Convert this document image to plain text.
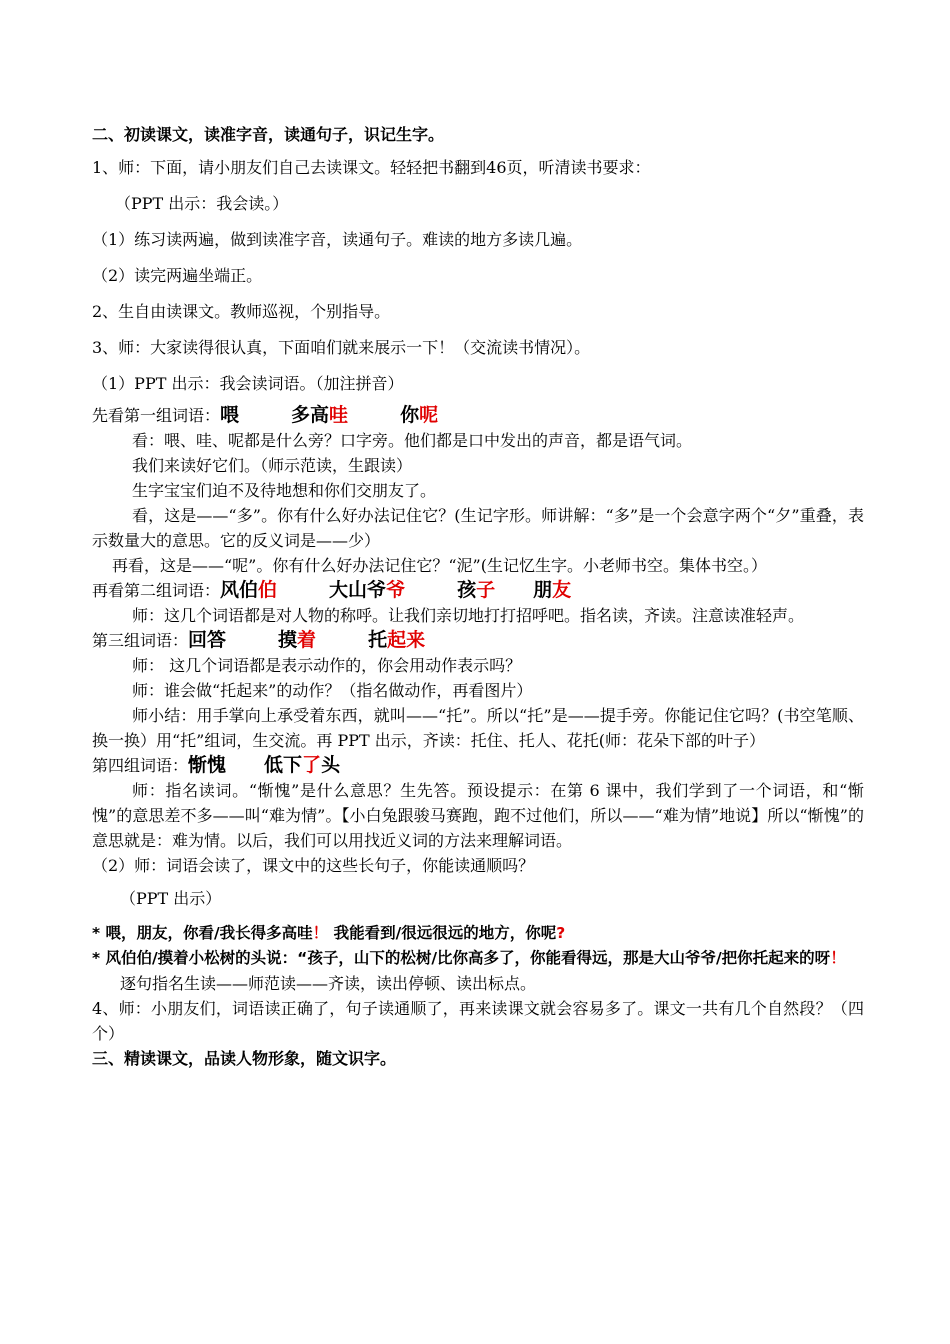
二、初读课文，读准字音，读通句子，识记生字。
1、师：下面，请小朋友们自己去读课文。轻轻把书翻到46页，听清读书要求：
（PPT 出示：我会读。）
（1）练习读两遍，做到读准字音，读通句子。难读的地方多读几遍。
（2）读完两遍坐端正。
2、生自由读课文。教师巡视，个别指导。
3、师：大家读得很认真，下面咱们就来展示一下！（交流读书情况）。
（1）PPT 出示：我会读词语。（加注拼音）
先看第一组词语：喂	多高哇	你呢
看：喂、哇、呢都是什么旁？口字旁。他们都是口中发出的声音，都是语气词。
我们来读好它们。（师示范读，生跟读）
生字宝宝们迫不及待地想和你们交朋友了。
看，这是——“多”。你有什么好办法记住它？(生记字形。师讲解：“多”是一个会意字两个“夕”重叠，表示数量大的意思。它的反义词是——少）
再看，这是——“呢”。你有什么好办法记住它？“泥”(生记忆生字。小老师书空。集体书空。）
再看第二组词语：风伯伯	大山爷爷	孩子 朋友
师：这几个词语都是对人物的称呼。让我们亲切地打打招呼吧。指名读，齐读。注意读准轻声。
第三组词语：回答	摸着	托起来
师： 这几个词语都是表示动作的，你会用动作表示吗？
师：谁会做“托起来”的动作？（指名做动作，再看图片）
师小结：用手掌向上承受着东西，就叫——“托”。所以“托”是——提手旁。你能记住它吗？(书空笔顺、换一换）用“托”组词，生交流。再 PPT 出示，齐读：托住、托人、花托(师：花朵下部的叶子）
第四组词语：惭愧 低下了头
师：指名读词。“惭愧”是什么意思？生先答。预设提示：在第 6 课中，我们学到了一个词语，和“惭愧”的意思差不多——叫“难为情”。【小白兔跟骏马赛跑，跑不过他们，所以——“难为情”地说】所以“惭愧”的意思就是：难为情。以后，我们可以用找近义词的方法来理解词语。
（2）师：词语会读了，课文中的这些长句子，你能读通顺吗？
（PPT 出示）
* 喂，朋友，你看/我长得多高哇！ 我能看到/很远很远的地方，你呢?
* 风伯伯/摸着小松树的头说：“孩子，山下的松树/比你高多了，你能看得远，那是大山爷爷/把你托起来的呀！
逐句指名生读——师范读——齐读，读出停顿、读出标点。
4、师：小朋友们，词语读正确了，句子读通顺了，再来读课文就会容易多了。课文一共有几个自然段？（四个）
三、精读课文，品读人物形象，随文识字。
